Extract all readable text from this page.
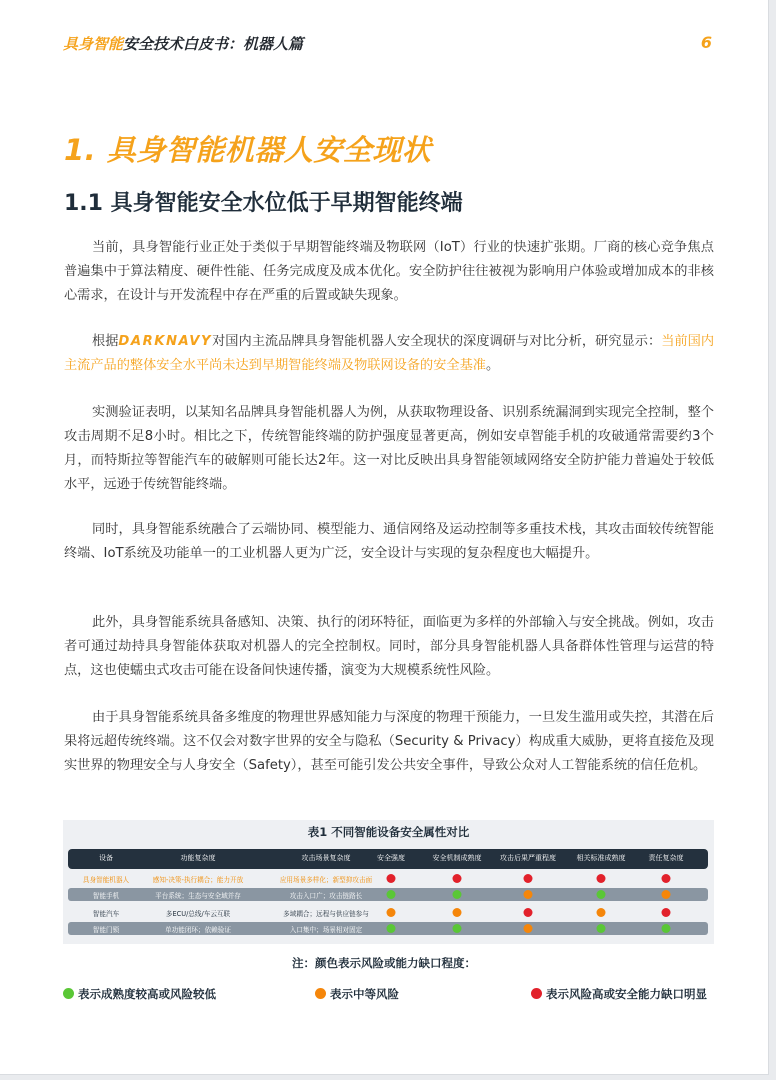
具身智能安全技术白皮书：机器人篇	6
1. 具身智能机器人安全现状
1.1 具身智能安全水位低于早期智能终端

当前，具身智能行业正处于类似于早期智能终端及物联网（IoT）行业的快速扩张期。厂商的核心竞争焦点普遍集中于算法精度、硬件性能、任务完成度及成本优化。安全防护往往被视为影响用户体验或增加成本的非核心需求，在设计与开发流程中存在严重的后置或缺失现象。

根据DARKNAVY对国内主流品牌具身智能机器人安全现状的深度调研与对比分析，研究显示：当前国内主流产品的整体安全水平尚未达到早期智能终端及物联网设备的安全基准。

实测验证表明，以某知名品牌具身智能机器人为例，从获取物理设备、识别系统漏洞到实现完全控制，整个攻击周期不足8小时。相比之下，传统智能终端的防护强度显著更高，例如安卓智能手机的攻破通常需要约3个月，而特斯拉等智能汽车的破解则可能长达2年。这一对比反映出具身智能领域网络安全防护能力普遍处于较低水平，远逊于传统智能终端。

同时，具身智能系统融合了云端协同、模型能力、通信网络及运动控制等多重技术栈，其攻击面较传统智能终端、IoT系统及功能单一的工业机器人更为广泛，安全设计与实现的复杂程度也大幅提升。

此外，具身智能系统具备感知、决策、执行的闭环特征，面临更为多样的外部输入与安全挑战。例如，攻击者可通过劫持具身智能体获取对机器人的完全控制权。同时，部分具身智能机器人具备群体性管理与运营的特点，这也使蠕虫式攻击可能在设备间快速传播，演变为大规模系统性风险。

由于具身智能系统具备多维度的物理世界感知能力与深度的物理干预能力，一旦发生滥用或失控，其潜在后果将远超传统终端。这不仅会对数字世界的安全与隐私（Security & Privacy）构成重大威胁，更将直接危及现实世界的物理安全与人身安全（Safety），甚至可能引发公共安全事件，导致公众对人工智能系统的信任危机。

表1 不同智能设备安全属性对比
设备	功能复杂度	攻击场景复杂度	安全强度	安全机制成熟度	攻击后果严重程度	相关标准成熟度	责任复杂度
具身智能机器人	感知-决策-执行耦合；能力开放	应用场景多样化；新型抑攻击面
智能手机	平台系统；生态与安全域并存	攻击入口广；攻击链路长
智能汽车	多ECU/总线/车云互联	多域耦合；远程与供应链参与
智能门锁	单功能闭环；依赖验证	入口集中；场景相对固定
注：颜色表示风险或能力缺口程度：
表示成熟度较高或风险较低	表示中等风险	表示风险高或安全能力缺口明显
